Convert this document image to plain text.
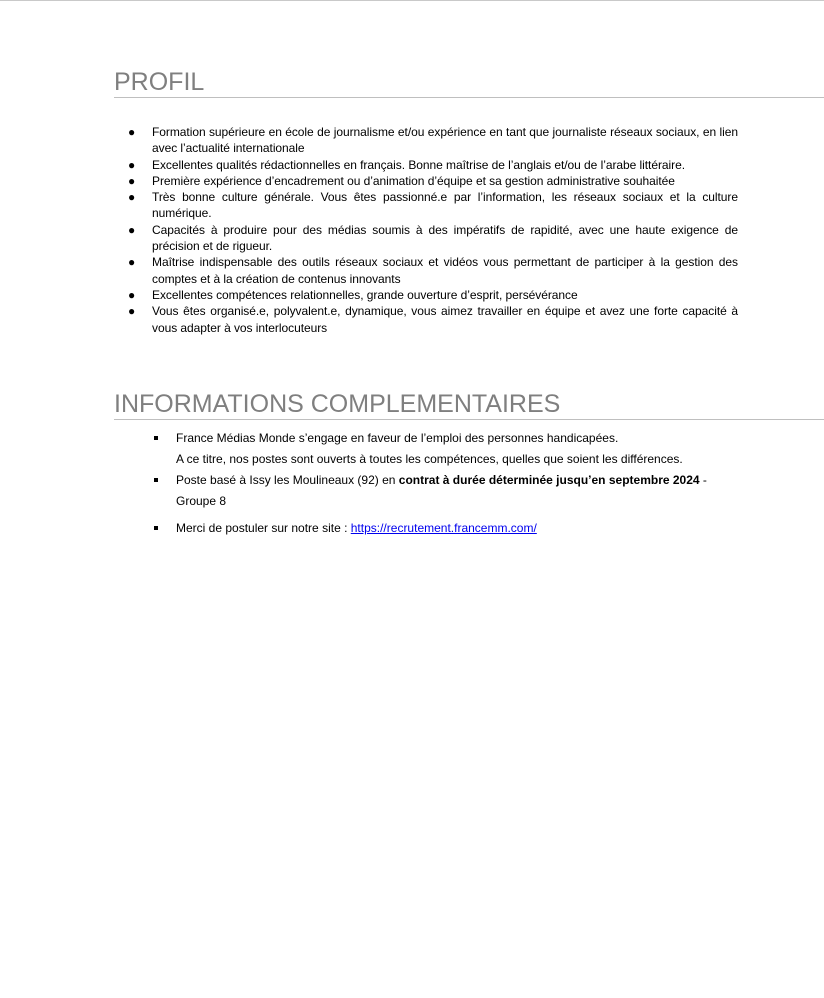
PROFIL
● Formation supérieure en école de journalisme et/ou expérience en tant que journaliste réseaux sociaux, en lien avec l’actualité internationale
● Excellentes qualités rédactionnelles en français. Bonne maîtrise de l’anglais et/ou de l’arabe littéraire.
● Première expérience d’encadrement ou d’animation d’équipe et sa gestion administrative souhaitée
● Très bonne culture générale. Vous êtes passionné.e par l’information, les réseaux sociaux et la culture numérique.
● Capacités à produire pour des médias soumis à des impératifs de rapidité, avec une haute exigence de précision et de rigueur.
● Maîtrise indispensable des outils réseaux sociaux et vidéos vous permettant de participer à la gestion des comptes et à la création de contenus innovants
● Excellentes compétences relationnelles, grande ouverture d’esprit, persévérance
● Vous êtes organisé.e, polyvalent.e, dynamique, vous aimez travailler en équipe et avez une forte capacité à vous adapter à vos interlocuteurs
INFORMATIONS COMPLEMENTAIRES
France Médias Monde s’engage en faveur de l’emploi des personnes handicapées.
A ce titre, nos postes sont ouverts à toutes les compétences, quelles que soient les différences.
Poste basé à Issy les Moulineaux (92) en contrat à durée déterminée jusqu’en septembre 2024 - Groupe 8
Merci de postuler sur notre site : https://recrutement.francemm.com/
